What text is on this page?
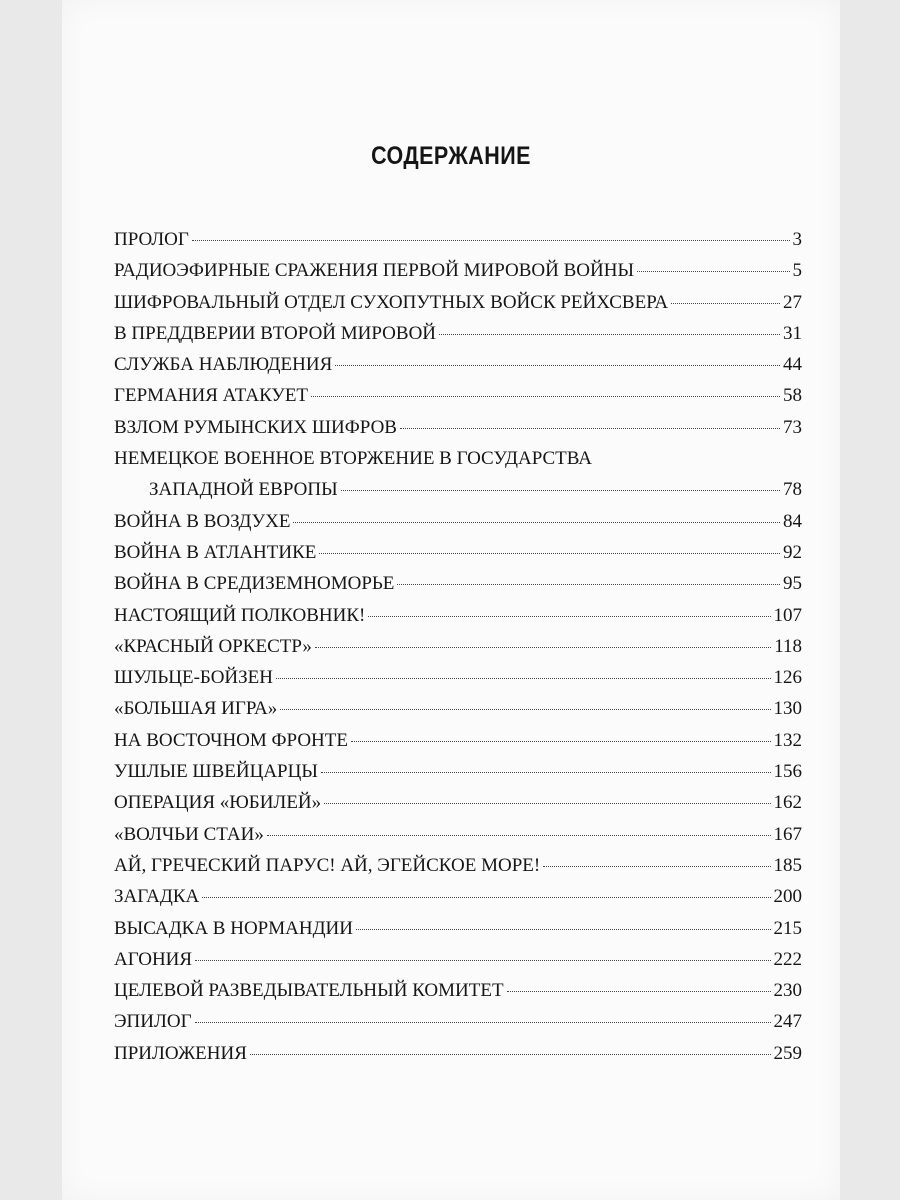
СОДЕРЖАНИЕ
ПРОЛОГ	3
РАДИОЭФИРНЫЕ СРАЖЕНИЯ ПЕРВОЙ МИРОВОЙ ВОЙНЫ	5
ШИФРОВАЛЬНЫЙ ОТДЕЛ СУХОПУТНЫХ ВОЙСК РЕЙХСВЕРА	27
В ПРЕДДВЕРИИ ВТОРОЙ МИРОВОЙ	31
СЛУЖБА НАБЛЮДЕНИЯ	44
ГЕРМАНИЯ АТАКУЕТ	58
ВЗЛОМ РУМЫНСКИХ ШИФРОВ	73
НЕМЕЦКОЕ ВОЕННОЕ ВТОРЖЕНИЕ В ГОСУДАРСТВА
ЗАПАДНОЙ ЕВРОПЫ	78
ВОЙНА В ВОЗДУХЕ	84
ВОЙНА В АТЛАНТИКЕ	92
ВОЙНА В СРЕДИЗЕМНОМОРЬЕ	95
НАСТОЯЩИЙ ПОЛКОВНИК!	107
«КРАСНЫЙ ОРКЕСТР»	118
ШУЛЬЦЕ-БОЙЗЕН	126
«БОЛЬШАЯ ИГРА»	130
НА ВОСТОЧНОМ ФРОНТЕ	132
УШЛЫЕ ШВЕЙЦАРЦЫ	156
ОПЕРАЦИЯ «ЮБИЛЕЙ»	162
«ВОЛЧЬИ СТАИ»	167
АЙ, ГРЕЧЕСКИЙ ПАРУС! АЙ, ЭГЕЙСКОЕ МОРЕ!	185
ЗАГАДКА	200
ВЫСАДКА В НОРМАНДИИ	215
АГОНИЯ	222
ЦЕЛЕВОЙ РАЗВЕДЫВАТЕЛЬНЫЙ КОМИТЕТ	230
ЭПИЛОГ	247
ПРИЛОЖЕНИЯ	259
